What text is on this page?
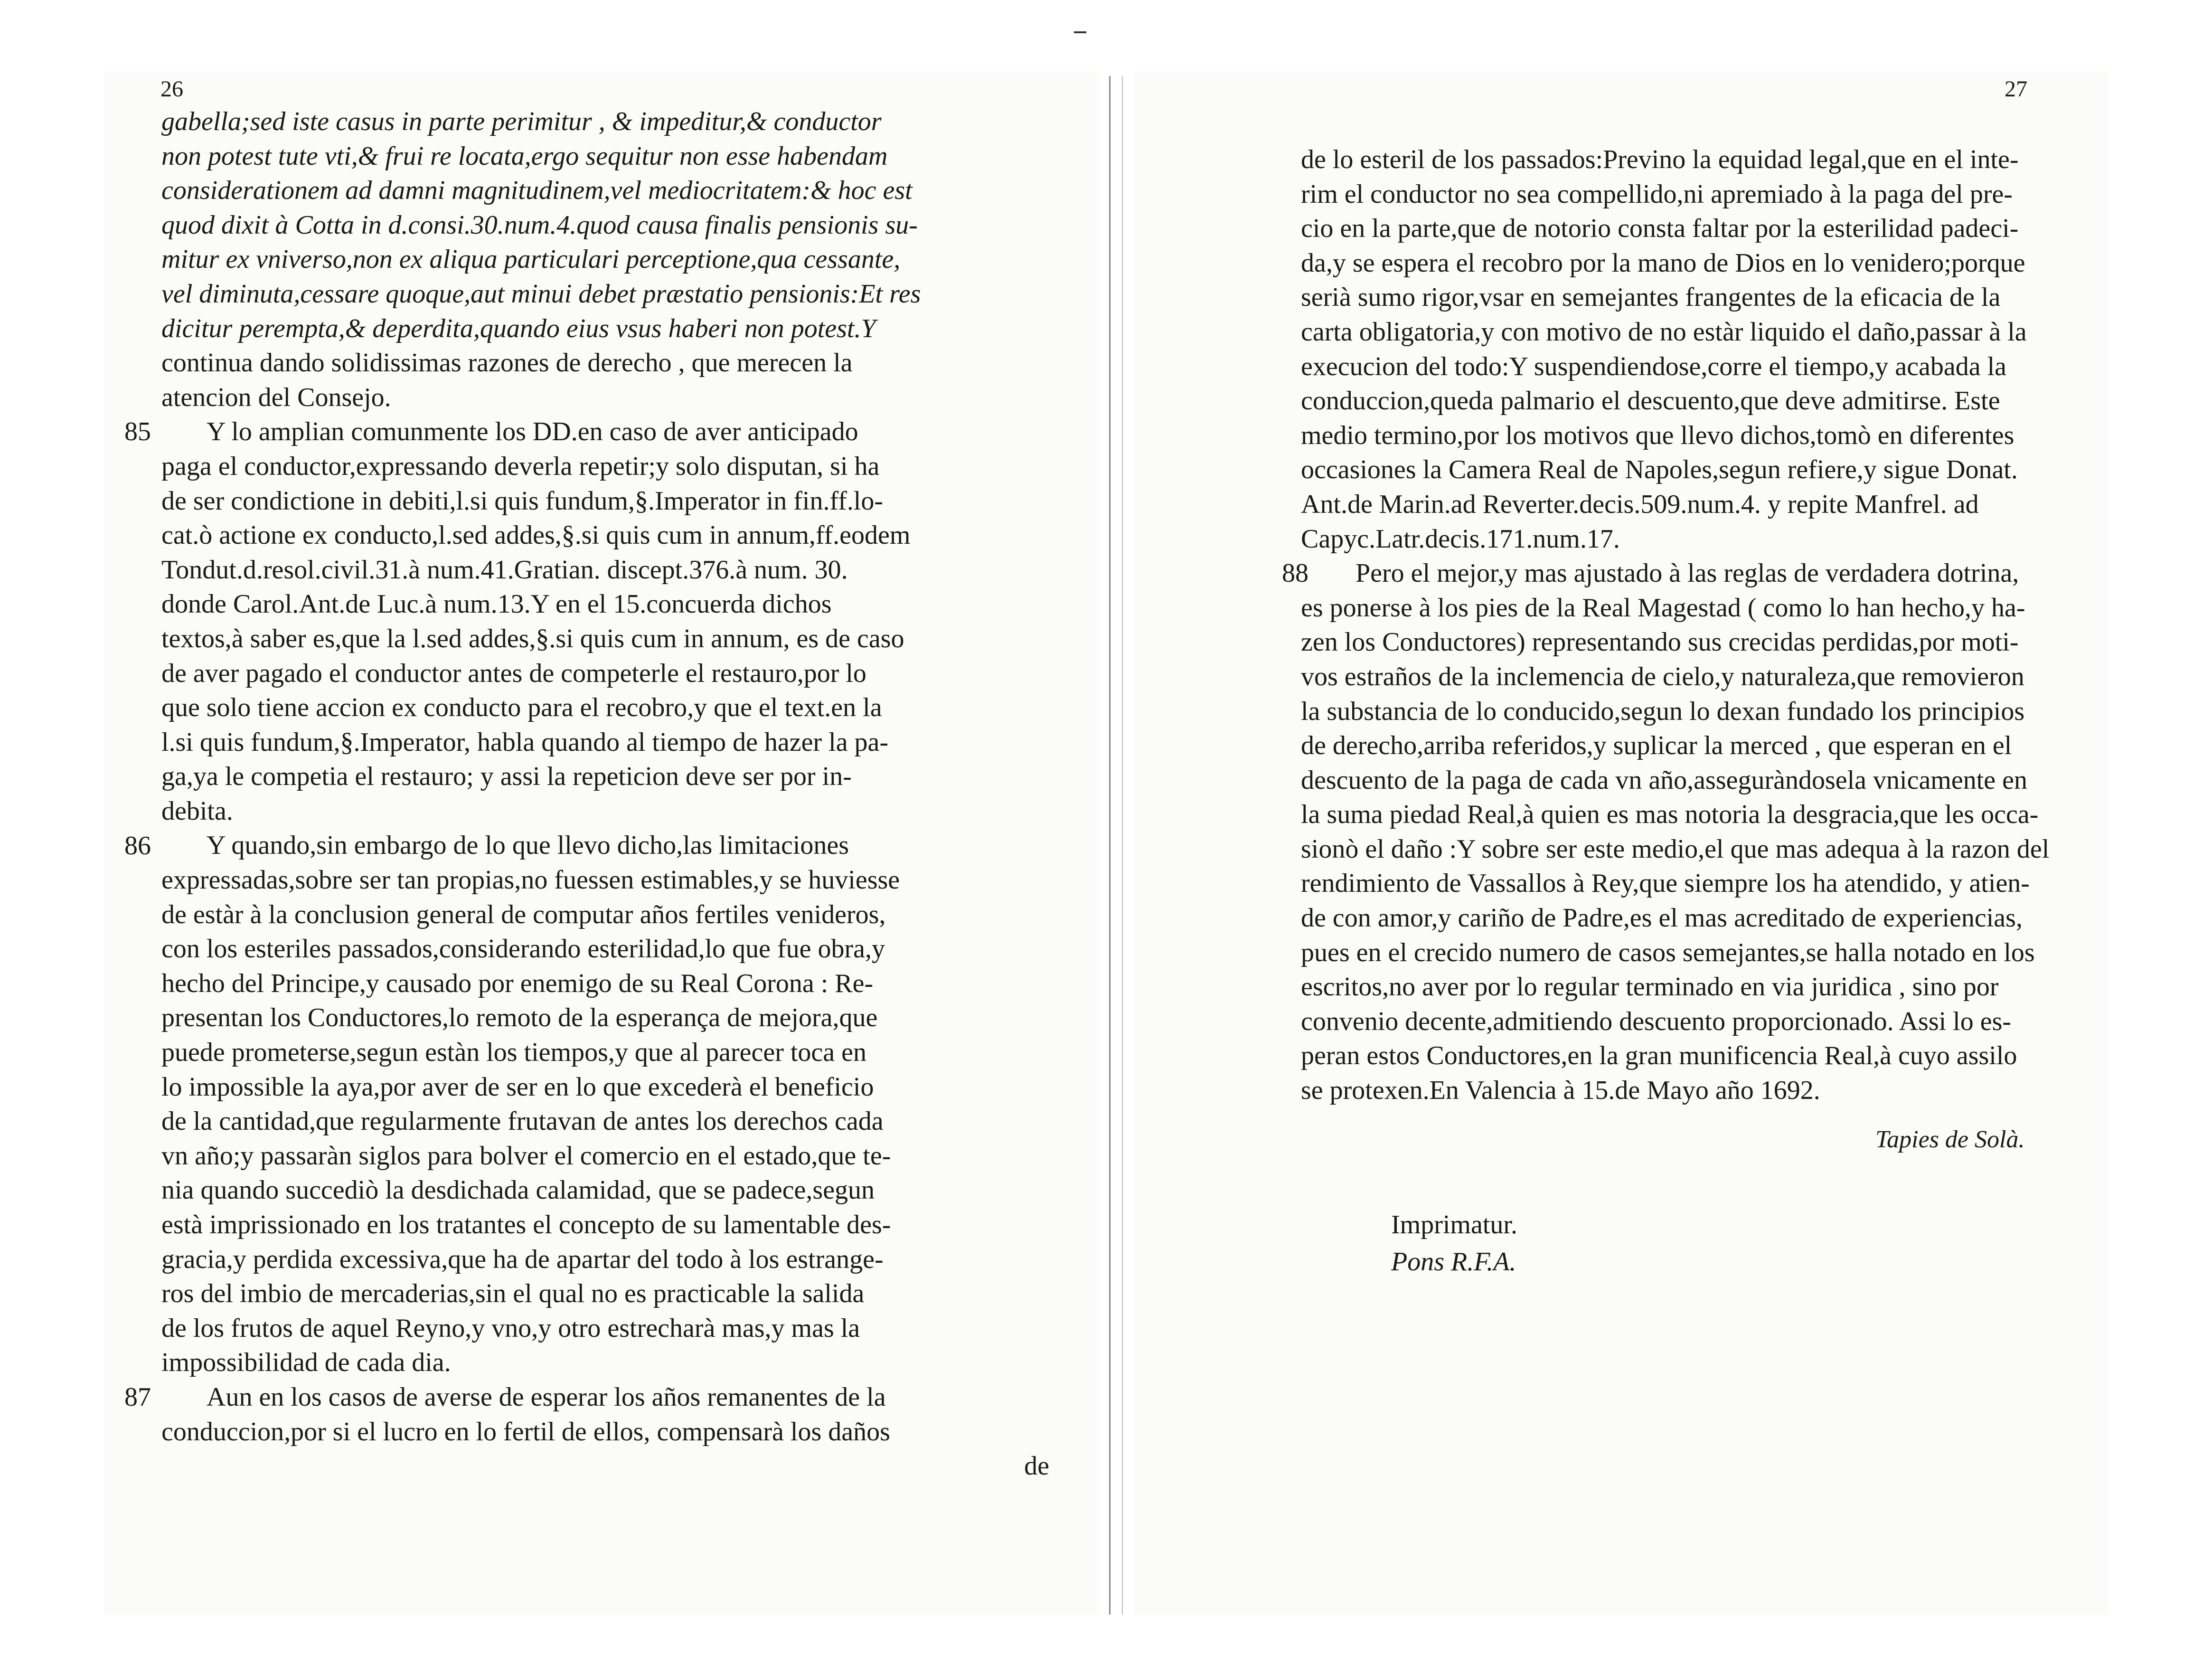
26	27
gabella;sed iste casus in parte perimitur , & impeditur,& conductor
non potest tute vti,& frui re locata,ergo sequitur non esse habendam
considerationem ad damni magnitudinem,vel mediocritatem:& hoc est
quod dixit à Cotta in d.consi.30.num.4.quod causa finalis pensionis su-
mitur ex vniverso,non ex aliqua particulari perceptione,qua cessante,
vel diminuta,cessare quoque,aut minui debet præstatio pensionis:Et res
dicitur perempta,& deperdita,quando eius vsus haberi non potest.Y
continua dando solidissimas razones de derecho , que merecen la
atencion del Consejo.
Y lo amplian comunmente los DD.en caso de aver anticipado
paga el conductor,expressando deverla repetir;y solo disputan, si ha
de ser condictione in debiti,l.si quis fundum,§.Imperator in fin.ff.lo-
cat.ò actione ex conducto,l.sed addes,§.si quis cum in annum,ff.eodem
Tondut.d.resol.civil.31.à num.41.Gratian. discept.376.à num. 30.
donde Carol.Ant.de Luc.à num.13.Y en el 15.concuerda dichos
textos,à saber es,que la l.sed addes,§.si quis cum in annum, es de caso
de aver pagado el conductor antes de competerle el restauro,por lo
que solo tiene accion ex conducto para el recobro,y que el text.en la
l.si quis fundum,§.Imperator, habla quando al tiempo de hazer la pa-
ga,ya le competia el restauro; y assi la repeticion deve ser por in-
debita.
Y quando,sin embargo de lo que llevo dicho,las limitaciones
expressadas,sobre ser tan propias,no fuessen estimables,y se huviesse
de estàr à la conclusion general de computar años fertiles venideros,
con los esteriles passados,considerando esterilidad,lo que fue obra,y
hecho del Principe,y causado por enemigo de su Real Corona : Re-
presentan los Conductores,lo remoto de la esperança de mejora,que
puede prometerse,segun estàn los tiempos,y que al parecer toca en
lo impossible la aya,por aver de ser en lo que excederà el beneficio
de la cantidad,que regularmente frutavan de antes los derechos cada
vn año;y passaràn siglos para bolver el comercio en el estado,que te-
nia quando succediò la desdichada calamidad, que se padece,segun
està imprissionado en los tratantes el concepto de su lamentable des-
gracia,y perdida excessiva,que ha de apartar del todo à los estrange-
ros del imbio de mercaderias,sin el qual no es practicable la salida
de los frutos de aquel Reyno,y vno,y otro estrecharà mas,y mas la
impossibilidad de cada dia.
Aun en los casos de averse de esperar los años remanentes de la
conduccion,por si el lucro en lo fertil de ellos, compensarà los daños
de
de lo esteril de los passados:Previno la equidad legal,que en el inte-
rim el conductor no sea compellido,ni apremiado à la paga del pre-
cio en la parte,que de notorio consta faltar por la esterilidad padeci-
da,y se espera el recobro por la mano de Dios en lo venidero;porque
serià sumo rigor,vsar en semejantes frangentes de la eficacia de la
carta obligatoria,y con motivo de no estàr liquido el daño,passar à la
execucion del todo:Y suspendiendose,corre el tiempo,y acabada la
conduccion,queda palmario el descuento,que deve admitirse. Este
medio termino,por los motivos que llevo dichos,tomò en diferentes
occasiones la Camera Real de Napoles,segun refiere,y sigue Donat.
Ant.de Marin.ad Reverter.decis.509.num.4. y repite Manfrel. ad
Capyc.Latr.decis.171.num.17.
Pero el mejor,y mas ajustado à las reglas de verdadera dotrina,
es ponerse à los pies de la Real Magestad ( como lo han hecho,y ha-
zen los Conductores) representando sus crecidas perdidas,por moti-
vos estraños de la inclemencia de cielo,y naturaleza,que removieron
la substancia de lo conducido,segun lo dexan fundado los principios
de derecho,arriba referidos,y suplicar la merced , que esperan en el
descuento de la paga de cada vn año,asseguràndosela vnicamente en
la suma piedad Real,à quien es mas notoria la desgracia,que les occa-
sionò el daño :Y sobre ser este medio,el que mas adequa à la razon del
rendimiento de Vassallos à Rey,que siempre los ha atendido, y atien-
de con amor,y cariño de Padre,es el mas acreditado de experiencias,
pues en el crecido numero de casos semejantes,se halla notado en los
escritos,no aver por lo regular terminado en via juridica , sino por
convenio decente,admitiendo descuento proporcionado. Assi lo es-
peran estos Conductores,en la gran munificencia Real,à cuyo assilo
se protexen.En Valencia à 15.de Mayo año 1692.
Tapies de Solà.
Imprimatur.
Pons R.F.A.
85
86
87
88
